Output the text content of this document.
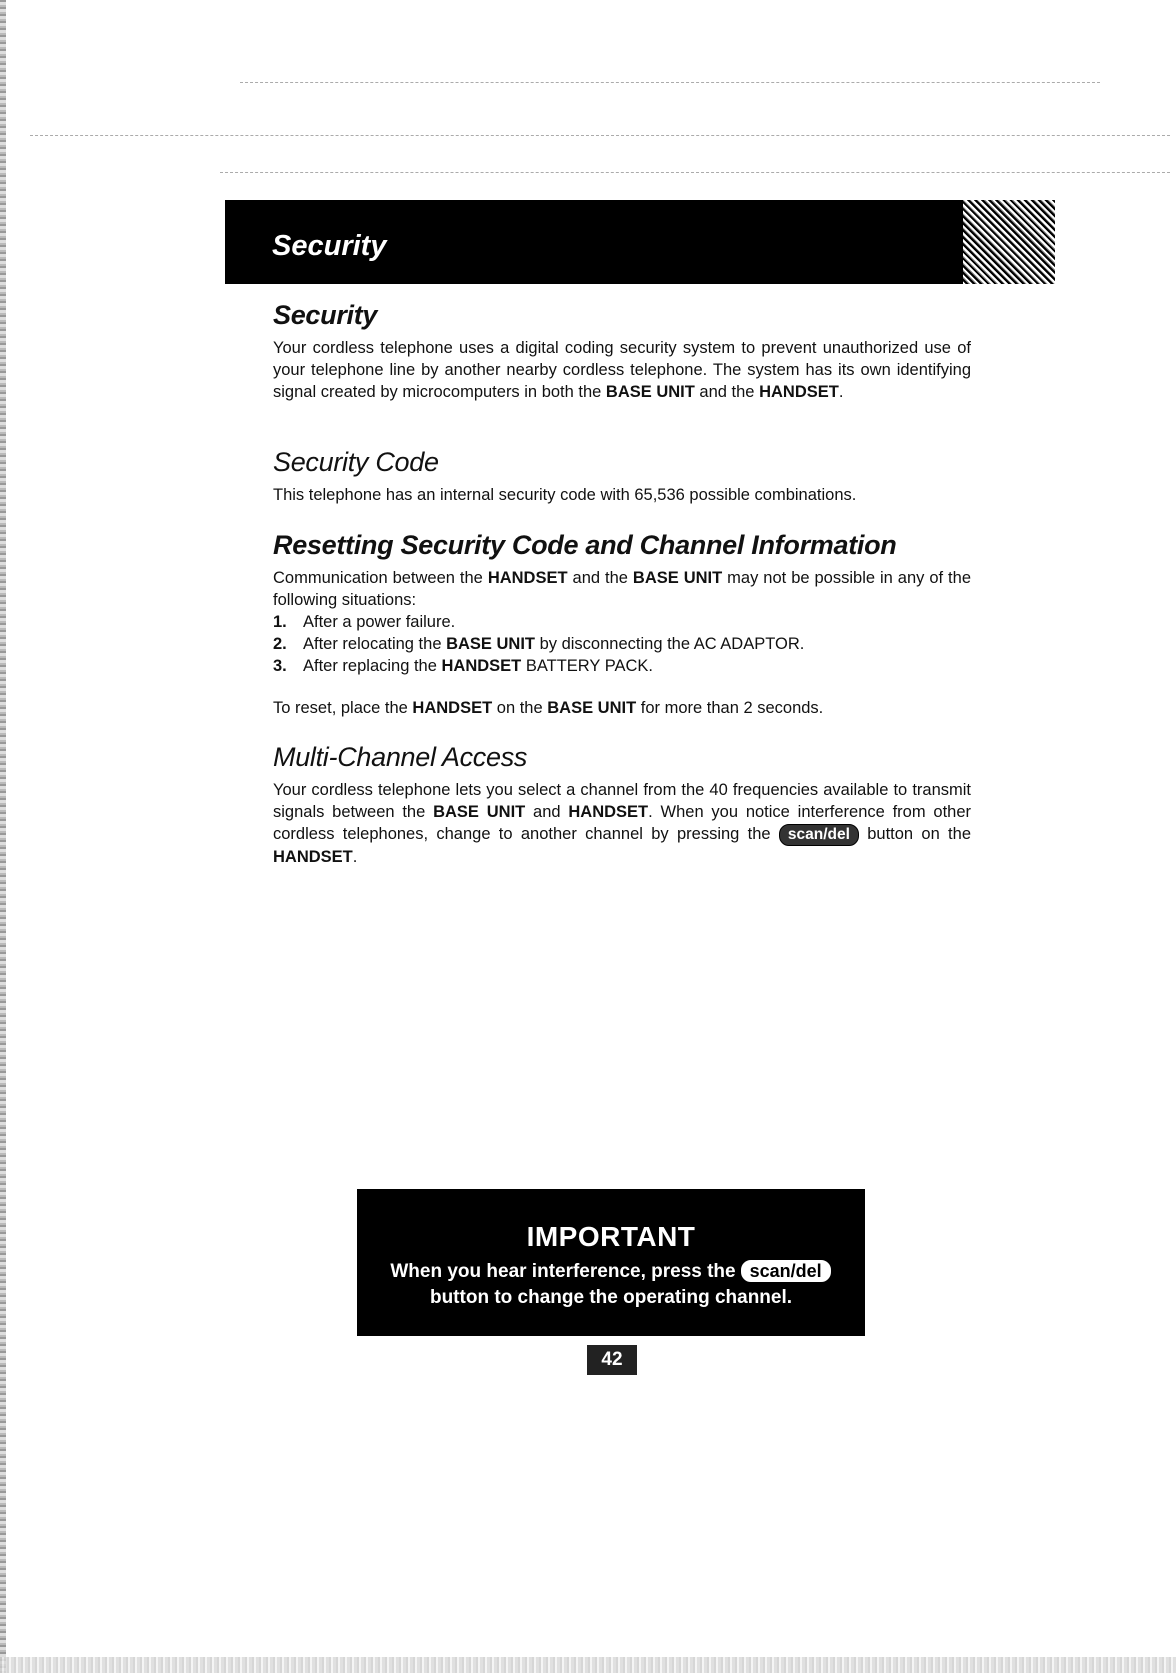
Security
Security

Your cordless telephone uses a digital coding security system to prevent unauthorized use of your telephone line by another nearby cordless telephone. The system has its own identifying signal created by microcomputers in both the BASE UNIT and the HANDSET.

Security Code

This telephone has an internal security code with 65,536 possible combinations.

Resetting Security Code and Channel Information

Communication between the HANDSET and the BASE UNIT may not be possible in any of the following situations:

1. After a power failure.
2. After relocating the BASE UNIT by disconnecting the AC ADAPTOR.
3. After replacing the HANDSET BATTERY PACK.

To reset, place the HANDSET on the BASE UNIT for more than 2 seconds.

Multi-Channel Access

Your cordless telephone lets you select a channel from the 40 frequencies available to transmit signals between the BASE UNIT and HANDSET. When you notice interference from other cordless telephones, change to another channel by pressing the scan/del button on the HANDSET.

IMPORTANT
When you hear interference, press the scan/del
button to change the operating channel.
42
